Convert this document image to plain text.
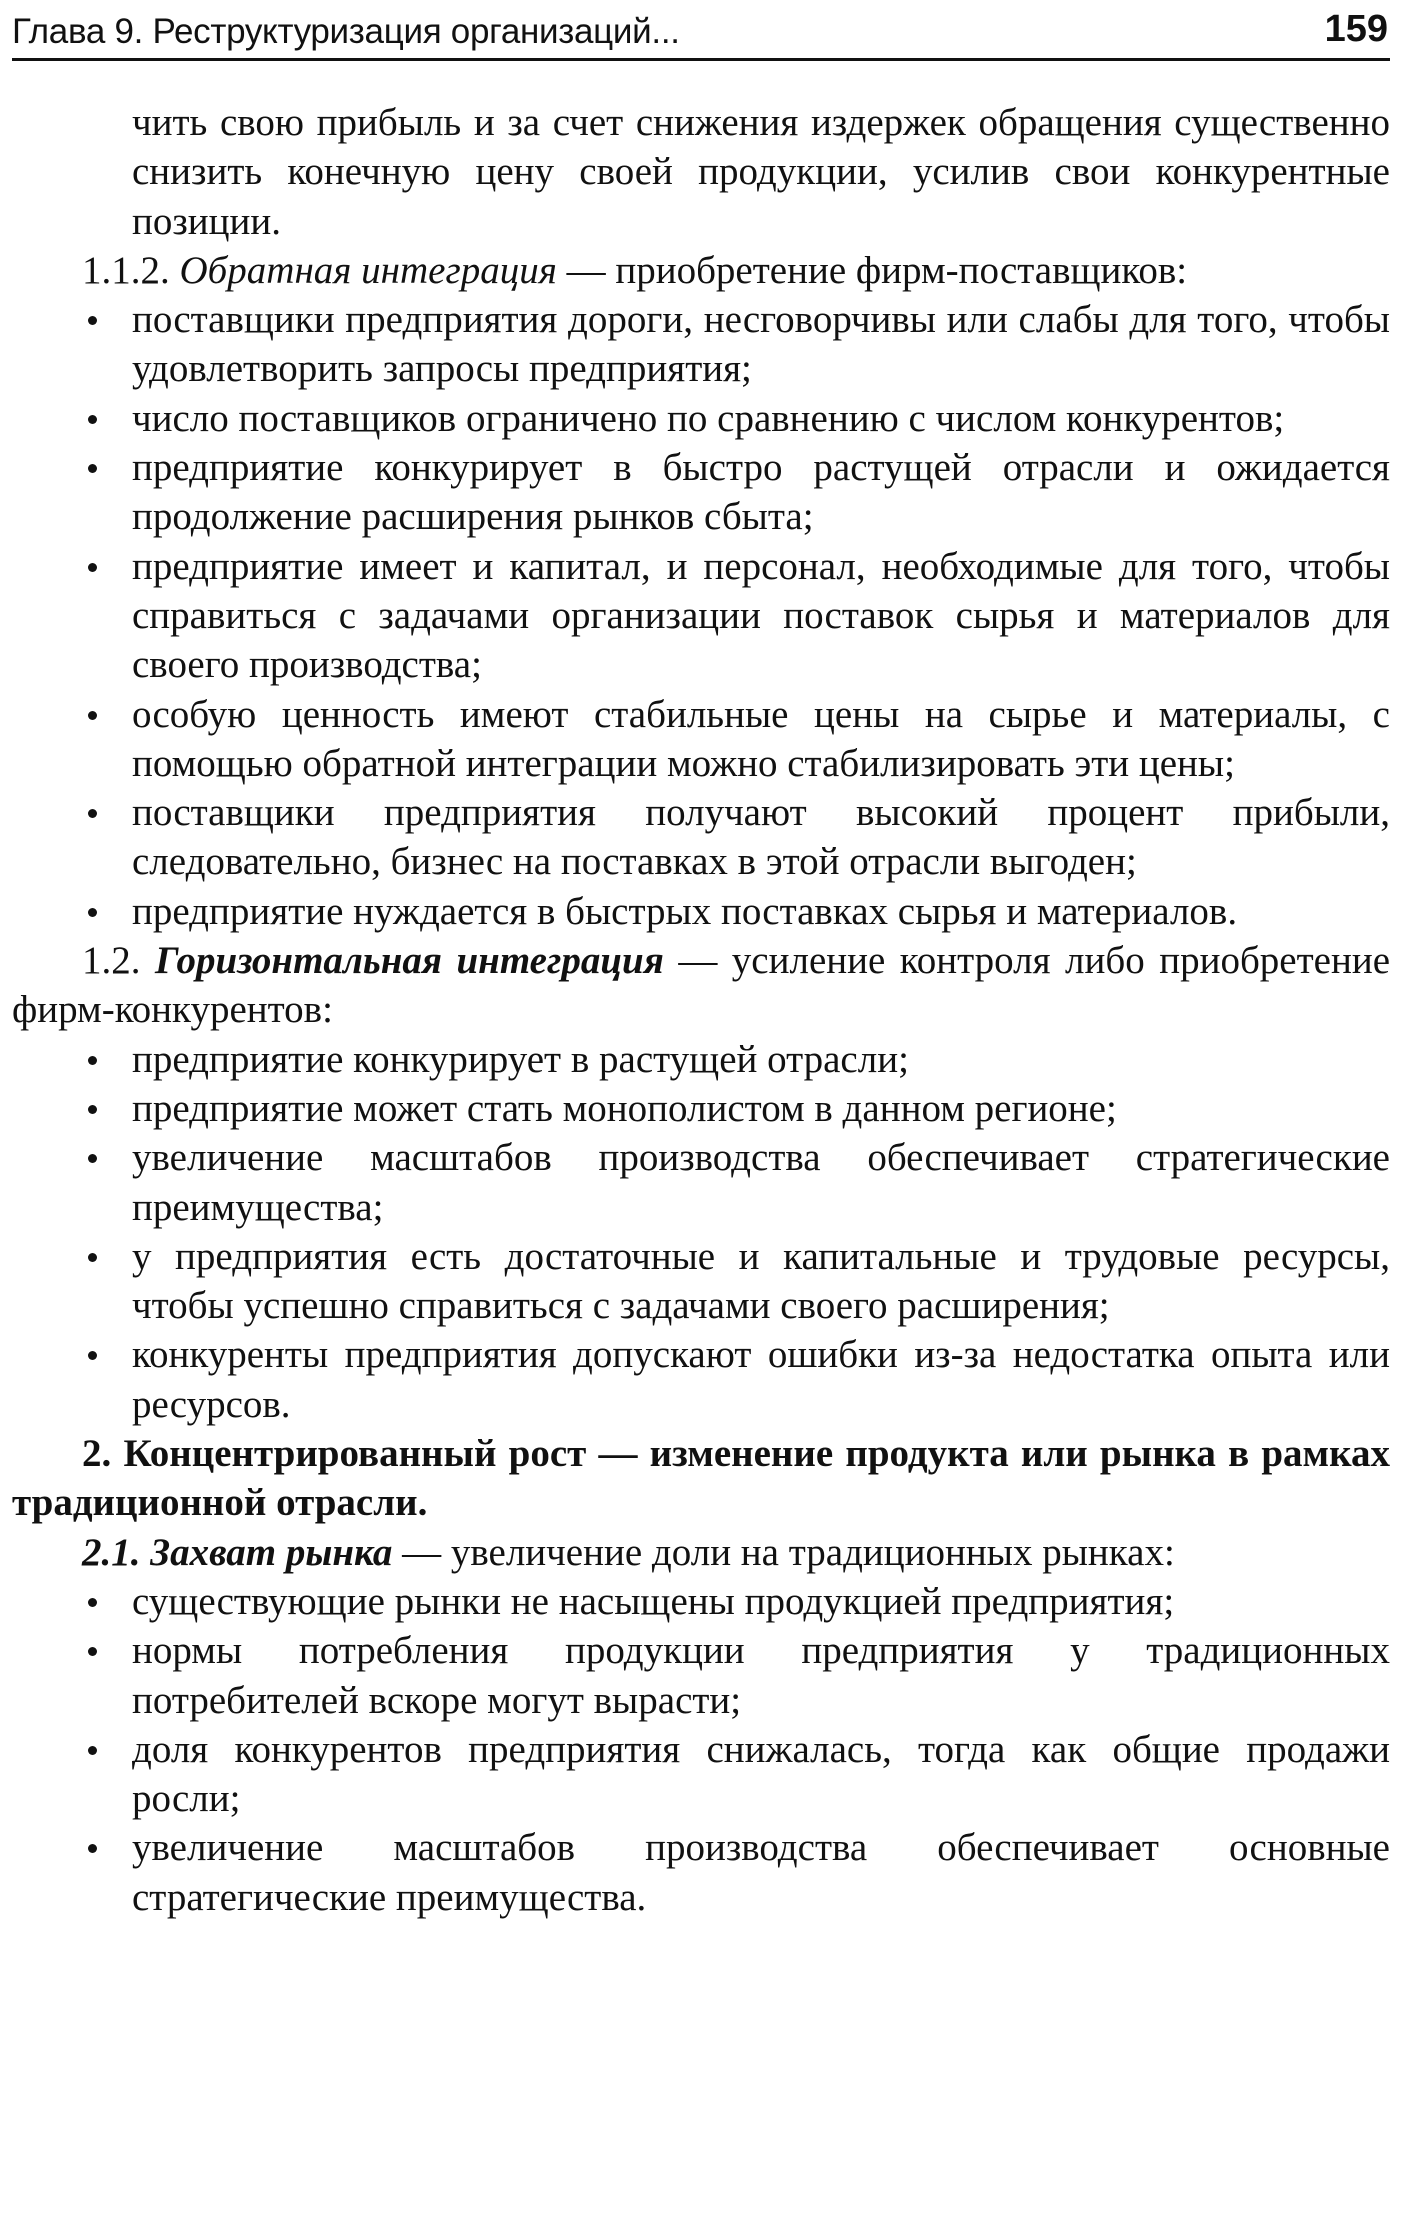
Глава 9. Реструктуризация организаций...	159

чить свою прибыль и за счет снижения издержек обращения существенно снизить конечную цену своей продукции, усилив свои конкурентные позиции.

1.1.2. Обратная интеграция — приобретение фирм-поставщиков:

поставщики предприятия дороги, несговорчивы или слабы для того, чтобы удовлетворить запросы предприятия;
число поставщиков ограничено по сравнению с числом конкурентов;
предприятие конкурирует в быстро растущей отрасли и ожидается продолжение расширения рынков сбыта;
предприятие имеет и капитал, и персонал, необходимые для того, чтобы справиться с задачами организации поставок сырья и материалов для своего производства;
особую ценность имеют стабильные цены на сырье и материалы, с помощью обратной интеграции можно стабилизировать эти цены;
поставщики предприятия получают высокий процент прибыли, следовательно, бизнес на поставках в этой отрасли выгоден;
предприятие нуждается в быстрых поставках сырья и материалов.

1.2. Горизонтальная интеграция — усиление контроля либо приобретение фирм-конкурентов:

предприятие конкурирует в растущей отрасли;
предприятие может стать монополистом в данном регионе;
увеличение масштабов производства обеспечивает стратегические преимущества;
у предприятия есть достаточные и капитальные и трудовые ресурсы, чтобы успешно справиться с задачами своего расширения;
конкуренты предприятия допускают ошибки из-за недостатка опыта или ресурсов.

2. Концентрированный рост — изменение продукта или рынка в рамках традиционной отрасли.

2.1. Захват рынка — увеличение доли на традиционных рынках:

существующие рынки не насыщены продукцией предприятия;
нормы потребления продукции предприятия у традиционных потребителей вскоре могут вырасти;
доля конкурентов предприятия снижалась, тогда как общие продажи росли;
увеличение масштабов производства обеспечивает основные стратегические преимущества.
